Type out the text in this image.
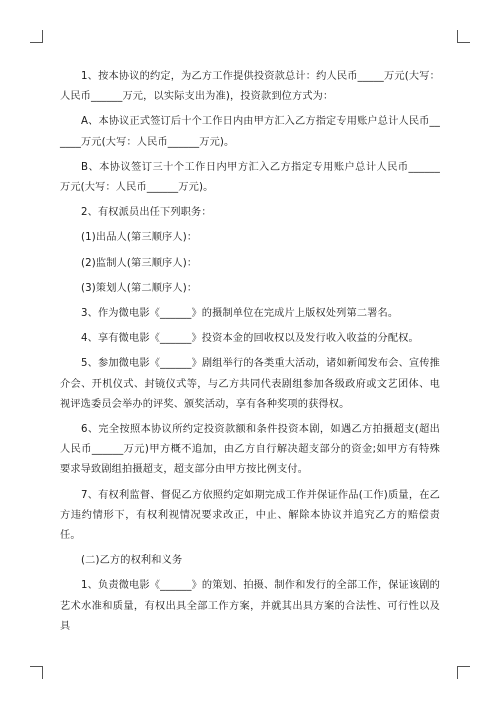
1、按本协议的约定，为乙方工作提供投资款总计：约人民币_____万元(大写：人民币______万元，以实际支出为准)，投资款到位方式为：

A、本协议正式签订后十个工作日内由甲方汇入乙方指定专用账户总计人民币______万元(大写：人民币______万元)。

B、本协议签订三十个工作日内甲方汇入乙方指定专用账户总计人民币______万元(大写：人民币______万元)。

2、有权派员出任下列职务：

(1)出品人(第三顺序人)：

(2)监制人(第三顺序人)：

(3)策划人(第二顺序人)：

3、作为微电影《______》的摄制单位在完成片上版权处列第二署名。

4、享有微电影《______》投资本金的回收权以及发行收入收益的分配权。

5、参加微电影《______》剧组举行的各类重大活动，诸如新闻发布会、宣传推介会、开机仪式、封镜仪式等，与乙方共同代表剧组参加各级政府或文艺团体、电视评选委员会举办的评奖、颁奖活动，享有各种奖项的获得权。

6、完全按照本协议所约定投资款额和条件投资本剧，如遇乙方拍摄超支(超出人民币______万元)甲方概不追加，由乙方自行解决超支部分的资金;如甲方有特殊要求导致剧组拍摄超支，超支部分由甲方按比例支付。

7、有权利监督、督促乙方依照约定如期完成工作并保证作品(工作)质量，在乙方违约情形下，有权利视情况要求改正，中止、解除本协议并追究乙方的赔偿责任。

(二)乙方的权利和义务

1、负责微电影《______》的策划、拍摄、制作和发行的全部工作，保证该剧的艺术水准和质量，有权出具全部工作方案，并就其出具方案的合法性、可行性以及具
